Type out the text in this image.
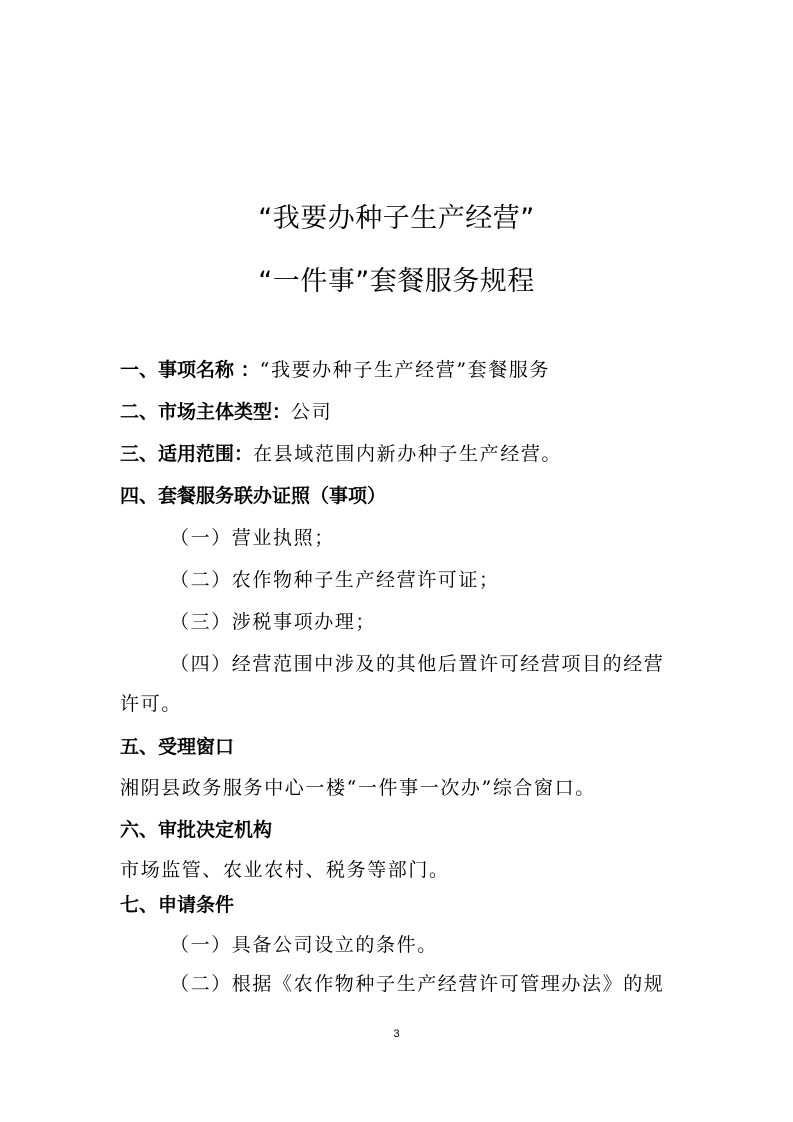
“我要办种子生产经营”
“一件事”套餐服务规程
一、事项名称 ：“我要办种子生产经营”套餐服务
二、市场主体类型：公司
三、适用范围：在县域范围内新办种子生产经营。
四、套餐服务联办证照（事项）
（一）营业执照；
（二）农作物种子生产经营许可证；
（三）涉税事项办理；
（四）经营范围中涉及的其他后置许可经营项目的经营
许可。
五、受理窗口
湘阴县政务服务中心一楼“一件事一次办”综合窗口。
六、审批决定机构
市场监管、农业农村、税务等部门。
七、申请条件
（一）具备公司设立的条件。
（二）根据《农作物种子生产经营许可管理办法》的规
3
